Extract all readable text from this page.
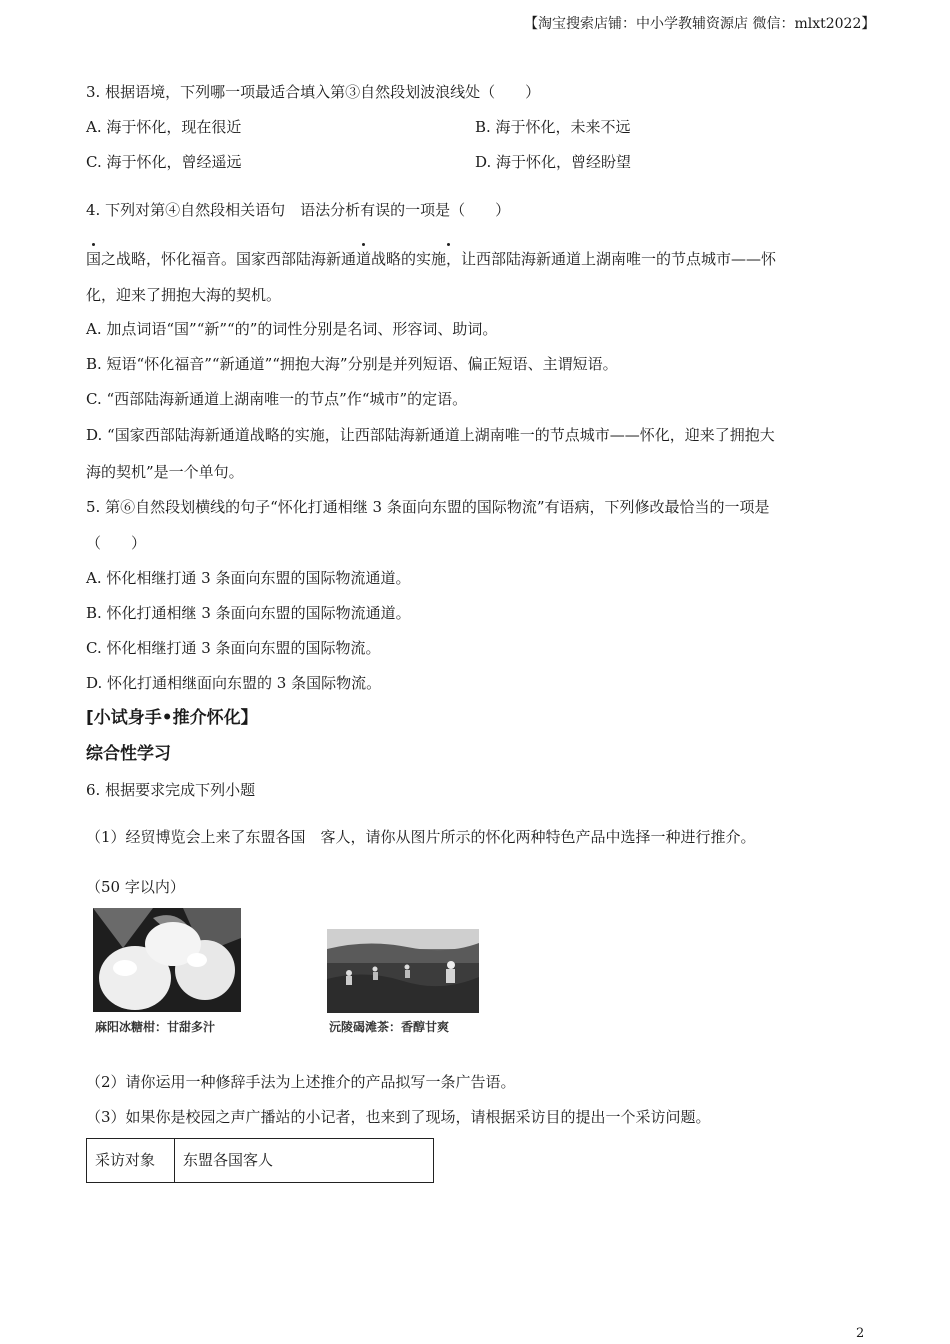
【淘宝搜索店铺：中小学教辅资源店 微信：mlxt2022】
3. 根据语境，下列哪一项最适合填入第③自然段划波浪线处（　　）
A. 海于怀化，现在很近	B. 海于怀化，未来不远
C. 海于怀化，曾经遥远	D. 海于怀化，曾经盼望
4. 下列对第④自然段相关语句　语法分析有误的一项是（　　）
国之战略，怀化福音。国家西部陆海新通道战略的实施，让西部陆海新通道上湖南唯一的节点城市——怀
化，迎来了拥抱大海的契机。
A. 加点词语“国”“新”“的”的词性分别是名词、形容词、助词。
B. 短语“怀化福音”“新通道”“拥抱大海”分别是并列短语、偏正短语、主谓短语。
C. “西部陆海新通道上湖南唯一的节点”作“城市”的定语。
D. “国家西部陆海新通道战略的实施，让西部陆海新通道上湖南唯一的节点城市——怀化，迎来了拥抱大
海的契机”是一个单句。
5. 第⑥自然段划横线的句子“怀化打通相继 3 条面向东盟的国际物流”有语病，下列修改最恰当的一项是
（　　）
A. 怀化相继打通 3 条面向东盟的国际物流通道。
B. 怀化打通相继 3 条面向东盟的国际物流通道。
C. 怀化相继打通 3 条面向东盟的国际物流。
D. 怀化打通相继面向东盟的 3 条国际物流。
[小试身手•推介怀化】
综合性学习
6. 根据要求完成下列小题
（1）经贸博览会上来了东盟各国　客人，请你从图片所示的怀化两种特色产品中选择一种进行推介。
（50 字以内）
麻阳冰糖柑：甘甜多汁	沅陵碣滩茶：香醇甘爽
（2）请你运用一种修辞手法为上述推介的产品拟写一条广告语。
（3）如果你是校园之声广播站的小记者，也来到了现场，请根据采访目的提出一个采访问题。
采访对象	东盟各国客人
2
